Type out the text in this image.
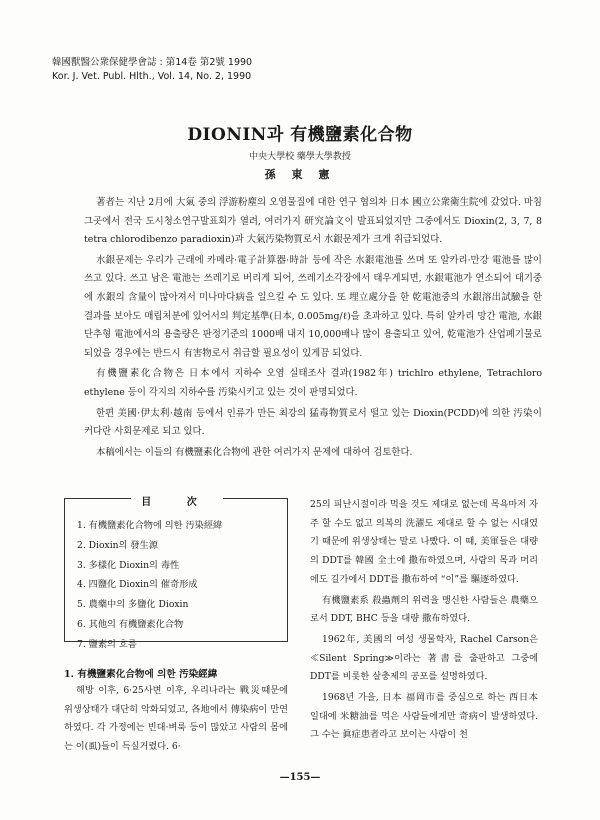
韓國獸醫公衆保健學會誌 : 第14卷 第2號 1990
Kor. J. Vet. Publ. Hlth., Vol. 14, No. 2, 1990
DIONIN과 有機鹽素化合物
中央大學校 藥學大學教授
孫 東 憲

著者는 지난 2月에 大氣 중의 浮游粉塵의 오염물질에 대한 연구 협의차 日本 國立公衆衛生院에 갔었다. 마침 그곳에서 전국 도시청소연구발표회가 열려, 여러가지 研究論文이 발표되었지만 그중에서도 Dioxin(2, 3, 7, 8 tetra chlorodibenzo paradioxin)과 大氣汚染物質로서 水銀문제가 크게 취급되었다.

水銀문제는 우리가 근래에 카메라·電子計算器·時計 등에 작은 水銀電池를 쓰며 또 알카리·만강 電池를 많이 쓰고 있다. 쓰고 남은 電池는 쓰레기로 버리게 되어, 쓰레기소각장에서 태우게되면, 水銀電池가 연소되어 대기중에 水銀의 含量이 많아져서 미나마다病을 일으킬 수 도 있다. 또 埋立處分을 한 乾電池중의 水銀溶出試驗을 한 결과를 보아도 매립처분에 있어서의 判定基準(日本, 0.005mg/ℓ)을 초과하고 있다. 특히 알카리 망간 電池, 水銀단추형 電池에서의 용출량은 판정기준의 1000배 내지 10,000배나 많이 용출되고 있어, 乾電池가 산업폐기물로 되었을 경우에는 반드시 有害物로서 취급할 필요성이 있게끔 되었다.

有機鹽素化合物은 日本에서 지하수 오염 실태조사 결과(1982年) trichlro ethylene, Tetrachloro ethylene 등이 각지의 지하수를 汚染시키고 있는 것이 판명되었다.

한편 美國·伊太利·越南 등에서 인류가 만든 최강의 猛毒物質로서 떨고 있는 Dioxin(PCDD)에 의한 汚染이 커다란 사회문제로 되고 있다.

本稿에서는 이들의 有機鹽素化合物에 관한 여러가지 문제에 대하여 검토한다.

目 次
1. 有機鹽素化合物에 의한 汚染經緯
2. Dioxin의 發生源
3. 多樣化 Dioxin의 毒性
4. 四鹽化 Dioxin의 催奇形成
5. 農藥中의 多鹽化 Dioxin
6. 其他의 有機鹽素化合物
7. 鹽素의 흐름
1. 有機鹽素化合物에 의한 汚染經緯

해방 이후, 6·25사변 이후, 우리나라는 戰災때문에 위생상태가 대단히 악화되었고, 各地에서 傳染病이 만연하였다. 각 가정에는 빈대·벼룩 등이 많았고 사람의 몸에는 이(虱)들이 득실거렸다. 6·

25의 피난시절이라 먹을 것도 제대로 없는데 목욕마저 자주 할 수도 없고 의복의 洗濯도 제대로 할 수 없는 시대였기 때문에 위생상태는 말로 나빴다. 이 때, 美軍들은 대량의 DDT를 韓國 全土에 撒布하였으며, 사람의 목과 머리에도 길가에서 DDT를 撒布하여 “이”를 驅逐하였다.

有機鹽素系 殺蟲劑의 위력을 맹신한 사람들은 農藥으로서 DDT, BHC 등을 대량 撒布하였다.

1962年, 美國의 여성 생물학자, Rachel Carson은 ≪Silent Spring≫이라는 著書를 출판하고 그중에 DDT를 비롯한 살충제의 공포를 설명하였다.

1968년 가을, 日本 福岡市를 중심으로 하는 西日本 일대에 米糖油를 먹은 사람들에게만 奇病이 발생하였다. 그 수는 眞症患者라고 보이는 사람이 천

—155—
